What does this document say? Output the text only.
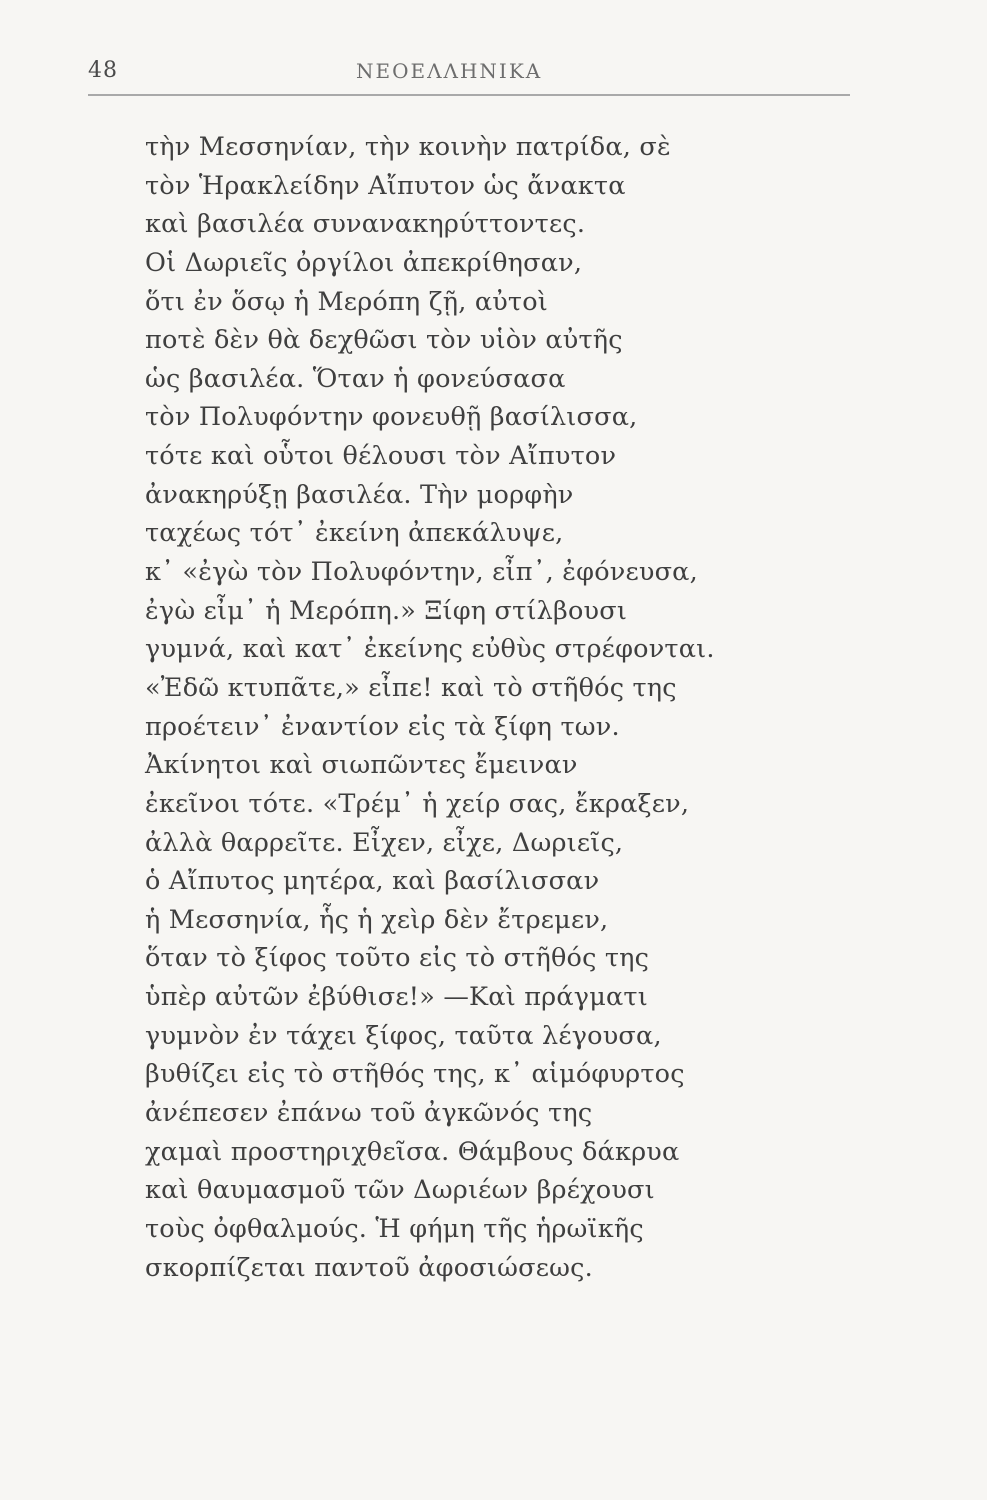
48	ΝΕΟΕΛΛΗΝΙΚΑ
τὴν Μεσσηνίαν, τὴν κοινὴν πατρίδα, σὲ
τὸν Ἡρακλείδην Αἴπυτον ὡς ἄνακτα
καὶ βασιλέα συνανακηρύττοντες.
Οἱ Δωριεῖς ὀργίλοι ἀπεκρίθησαν,
ὅτι ἐν ὅσῳ ἡ Μερόπη ζῇ, αὐτοὶ
ποτὲ δὲν θὰ δεχθῶσι τὸν υἱὸν αὐτῆς
ὡς βασιλέα. Ὅταν ἡ φονεύσασα
τὸν Πολυφόντην φονευθῇ βασίλισσα,
τότε καὶ οὗτοι θέλουσι τὸν Αἴπυτον
ἀνακηρύξῃ βασιλέα. Τὴν μορφὴν
ταχέως τότ᾽ ἐκείνη ἀπεκάλυψε,
κ᾽ «ἐγὼ τὸν Πολυφόντην, εἶπ᾽, ἐφόνευσα,
ἐγὼ εἶμ᾽ ἡ Μερόπη.» Ξίφη στίλβουσι
γυμνά, καὶ κατ᾽ ἐκείνης εὐθὺς στρέφονται.
«Ἐδῶ κτυπᾶτε,» εἶπε! καὶ τὸ στῆθός της
προέτειν᾽ ἐναντίον εἰς τὰ ξίφη των.
Ἀκίνητοι καὶ σιωπῶντες ἔμειναν
ἐκεῖνοι τότε. «Τρέμ᾽ ἡ χείρ σας, ἔκραξεν,
ἀλλὰ θαρρεῖτε. Εἶχεν, εἶχε, Δωριεῖς,
ὁ Αἴπυτος μητέρα, καὶ βασίλισσαν
ἡ Μεσσηνία, ἧς ἡ χεὶρ δὲν ἔτρεμεν,
ὅταν τὸ ξίφος τοῦτο εἰς τὸ στῆθός της
ὑπὲρ αὐτῶν ἐβύθισε!» —Καὶ πράγματι
γυμνὸν ἐν τάχει ξίφος, ταῦτα λέγουσα,
βυθίζει εἰς τὸ στῆθός της, κ᾽ αἱμόφυρτος
ἀνέπεσεν ἐπάνω τοῦ ἀγκῶνός της
χαμαὶ προστηριχθεῖσα. Θάμβους δάκρυα
καὶ θαυμασμοῦ τῶν Δωριέων βρέχουσι
τοὺς ὀφθαλμούς. Ἡ φήμη τῆς ἡρωϊκῆς
σκορπίζεται παντοῦ ἀφοσιώσεως.
